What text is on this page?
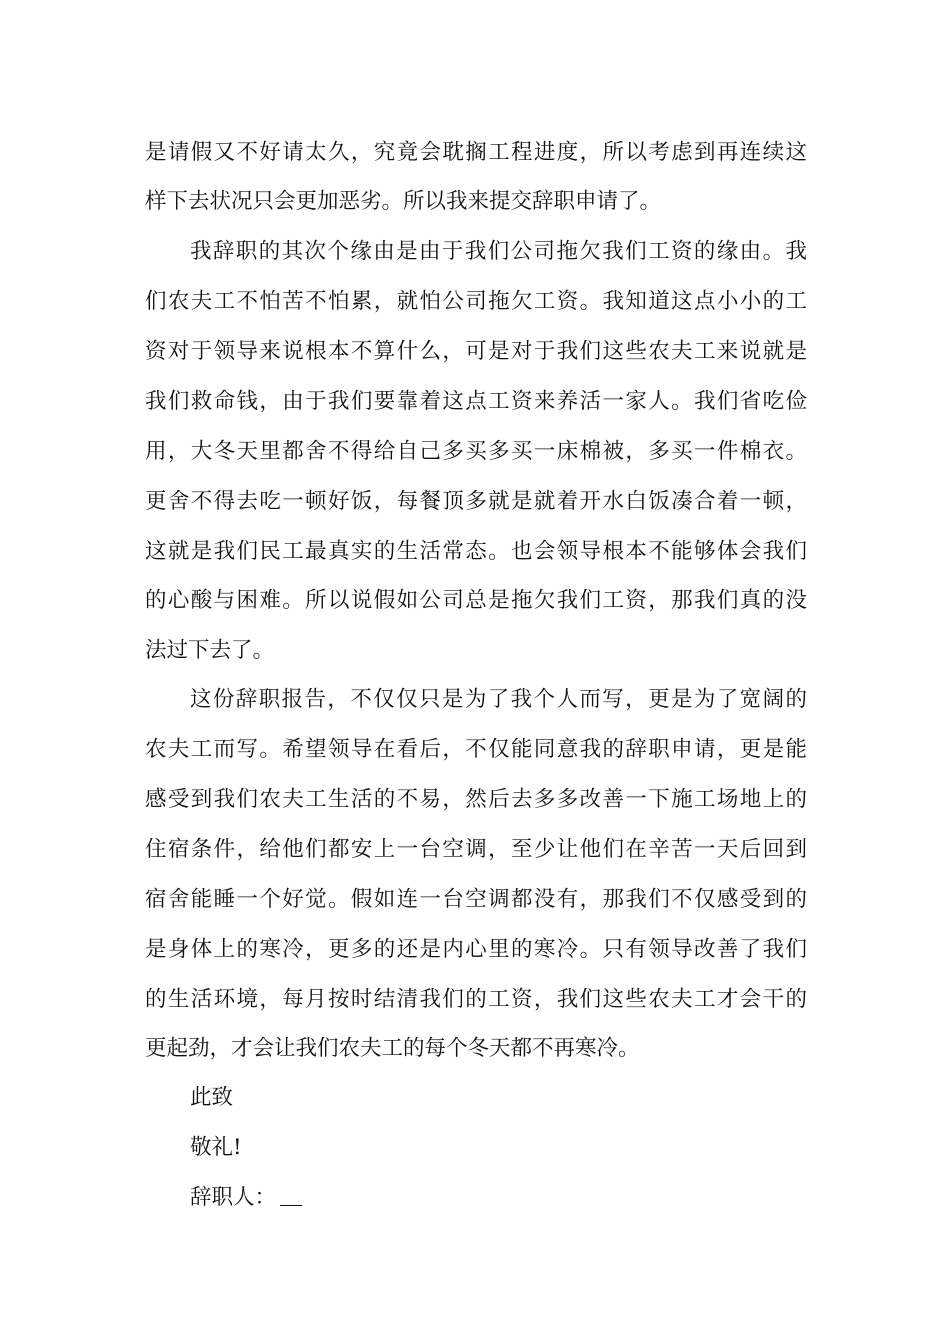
是请假又不好请太久，究竟会耽搁工程进度，所以考虑到再连续这
样下去状况只会更加恶劣。所以我来提交辞职申请了。
我辞职的其次个缘由是由于我们公司拖欠我们工资的缘由。我
们农夫工不怕苦不怕累，就怕公司拖欠工资。我知道这点小小的工
资对于领导来说根本不算什么，可是对于我们这些农夫工来说就是
我们救命钱，由于我们要靠着这点工资来养活一家人。我们省吃俭
用，大冬天里都舍不得给自己多买多买一床棉被，多买一件棉衣。
更舍不得去吃一顿好饭，每餐顶多就是就着开水白饭凑合着一顿，
这就是我们民工最真实的生活常态。也会领导根本不能够体会我们
的心酸与困难。所以说假如公司总是拖欠我们工资，那我们真的没
法过下去了。
这份辞职报告，不仅仅只是为了我个人而写，更是为了宽阔的
农夫工而写。希望领导在看后，不仅能同意我的辞职申请，更是能
感受到我们农夫工生活的不易，然后去多多改善一下施工场地上的
住宿条件，给他们都安上一台空调，至少让他们在辛苦一天后回到
宿舍能睡一个好觉。假如连一台空调都没有，那我们不仅感受到的
是身体上的寒冷，更多的还是内心里的寒冷。只有领导改善了我们
的生活环境，每月按时结清我们的工资，我们这些农夫工才会干的
更起劲，才会让我们农夫工的每个冬天都不再寒冷。
此致
敬礼!
辞职人：
